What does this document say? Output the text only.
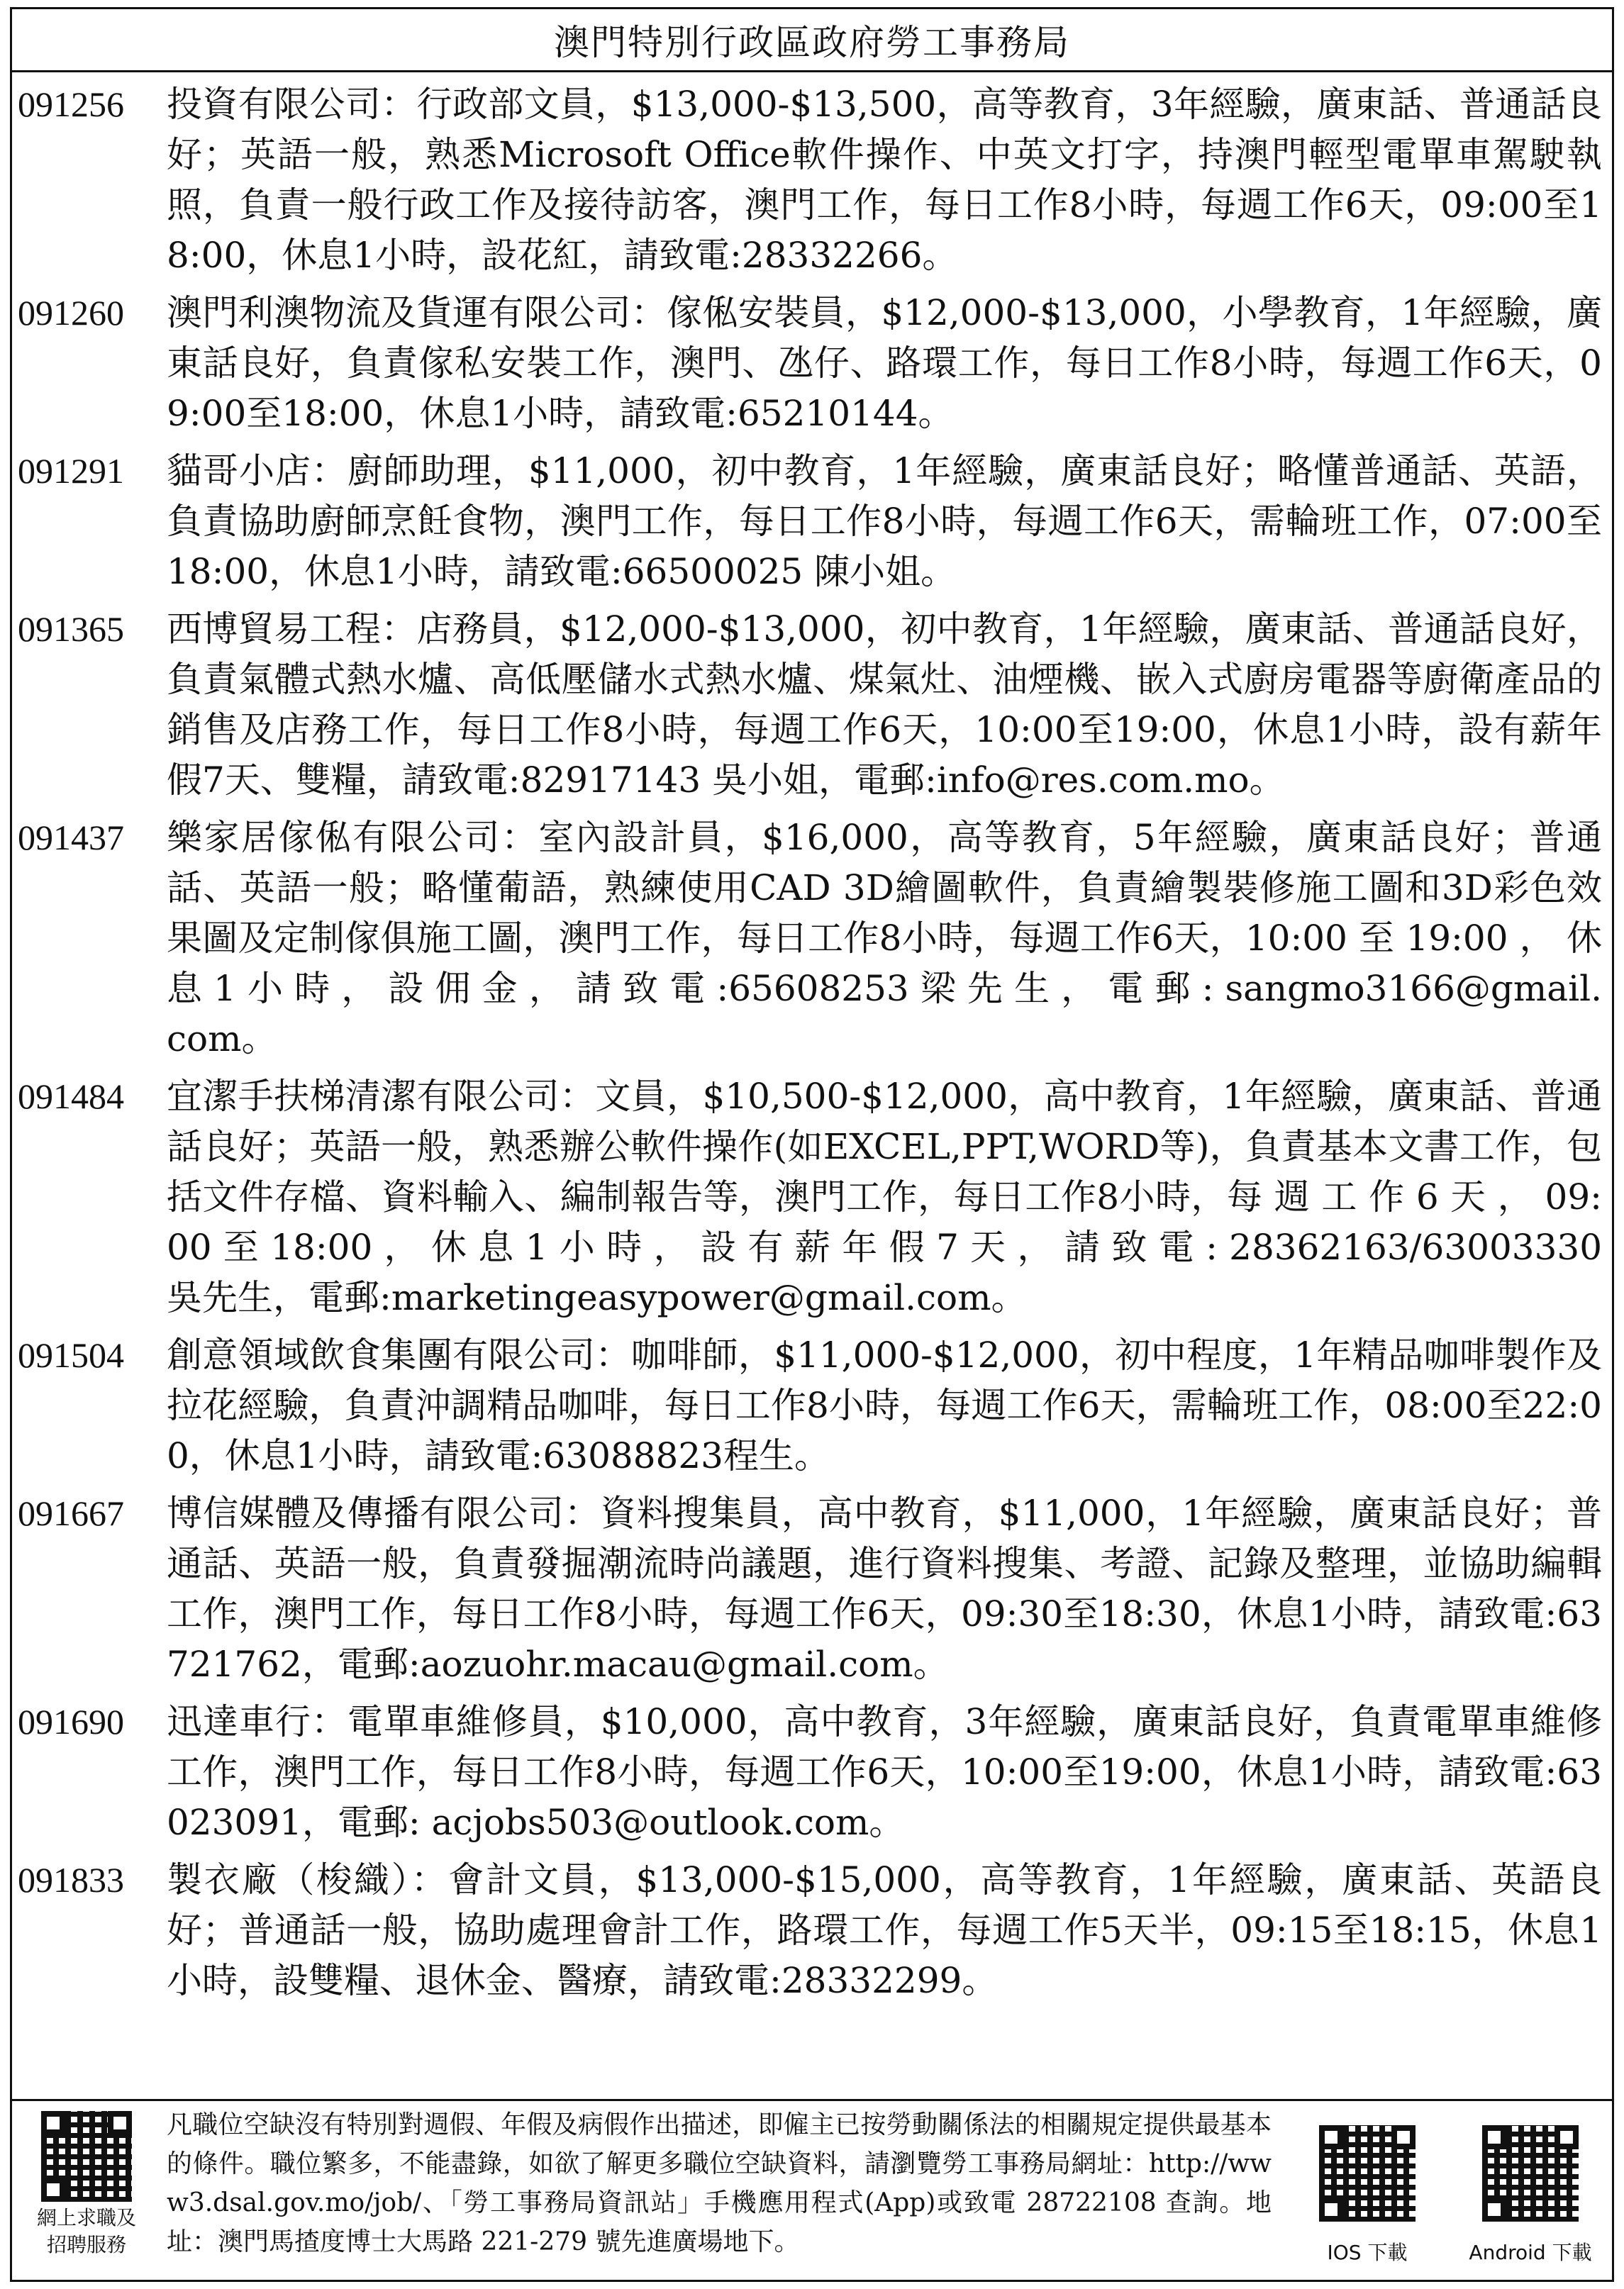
澳門特別行政區政府勞工事務局
091256	投資有限公司：行政部文員，$13,000-$13,500，高等教育，3年經驗，廣東話、普通話良好；英語一般，熟悉Microsoft Office軟件操作、中英文打字，持澳門輕型電單車駕駛執照，負責一般行政工作及接待訪客，澳門工作，每日工作8小時，每週工作6天，09:00至18:00，休息1小時，設花紅，請致電:28332266。
091260	澳門利澳物流及貨運有限公司：傢俬安裝員，$12,000-$13,000，小學教育，1年經驗，廣東話良好，負責傢私安裝工作，澳門、氹仔、路環工作，每日工作8小時，每週工作6天，09:00至18:00，休息1小時，請致電:65210144。
091291	貓哥小店：廚師助理，$11,000，初中教育，1年經驗，廣東話良好；略懂普通話、英語，負責協助廚師烹飪食物，澳門工作，每日工作8小時，每週工作6天，需輪班工作，07:00至18:00，休息1小時，請致電:66500025 陳小姐。
091365	西博貿易工程：店務員，$12,000-$13,000，初中教育，1年經驗，廣東話、普通話良好，負責氣體式熱水爐、高低壓儲水式熱水爐、煤氣灶、油煙機、嵌入式廚房電器等廚衛產品的銷售及店務工作，每日工作8小時，每週工作6天，10:00至19:00，休息1小時，設有薪年假7天、雙糧，請致電:82917143 吳小姐，電郵:info@res.com.mo。
091437	樂家居傢俬有限公司：室內設計員，$16,000，高等教育，5年經驗，廣東話良好；普通話、英語一般；略懂葡語，熟練使用CAD 3D繪圖軟件，負責繪製裝修施工圖和3D彩色效果圖及定制傢俱施工圖，澳門工作，每日工作8小時，每週工作6天，10:00 至 19:00 ， 休 息 1 小 時 ， 設 佣 金 ， 請 致 電 :65608253 梁 先 生 ， 電 郵 : sangmo3166@gmail.com。
091484	宜潔手扶梯清潔有限公司：文員，$10,500-$12,000，高中教育，1年經驗，廣東話、普通話良好；英語一般，熟悉辦公軟件操作(如EXCEL,PPT,WORD等)，負責基本文書工作，包括文件存檔、資料輸入、編制報告等，澳門工作，每日工作8小時，每 週 工 作 6 天 ， 09:00 至 18:00 ， 休 息 1 小 時 ， 設 有 薪 年 假 7 天 ， 請 致 電 : 28362163/63003330 吳先生，電郵:marketingeasypower@gmail.com。
091504	創意領域飲食集團有限公司：咖啡師，$11,000-$12,000，初中程度，1年精品咖啡製作及拉花經驗，負責沖調精品咖啡，每日工作8小時，每週工作6天，需輪班工作，08:00至22:00，休息1小時，請致電:63088823程生。
091667	博信媒體及傳播有限公司：資料搜集員，高中教育，$11,000，1年經驗，廣東話良好；普通話、英語一般，負責發掘潮流時尚議題，進行資料搜集、考證、記錄及整理，並協助編輯工作，澳門工作，每日工作8小時，每週工作6天，09:30至18:30，休息1小時，請致電:63721762，電郵:aozuohr.macau@gmail.com。
091690	迅達車行：電單車維修員，$10,000，高中教育，3年經驗，廣東話良好，負責電單車維修工作，澳門工作，每日工作8小時，每週工作6天，10:00至19:00，休息1小時，請致電:63023091，電郵: acjobs503@outlook.com。
091833	製衣廠（梭織）：會計文員，$13,000-$15,000，高等教育，1年經驗，廣東話、英語良好；普通話一般，協助處理會計工作，路環工作，每週工作5天半，09:15至18:15，休息1小時，設雙糧、退休金、醫療，請致電:28332299。
網上求職及
招聘服務
凡職位空缺沒有特別對週假、年假及病假作出描述，即僱主已按勞動關係法的相關規定提供最基本的條件。職位繁多，不能盡錄，如欲了解更多職位空缺資料，請瀏覽勞工事務局網址：http://www3.dsal.gov.mo/job/、「勞工事務局資訊站」手機應用程式(App)或致電 28722108 查詢。地址：澳門馬揸度博士大馬路 221-279 號先進廣場地下。	IOS 下載	Android 下載
